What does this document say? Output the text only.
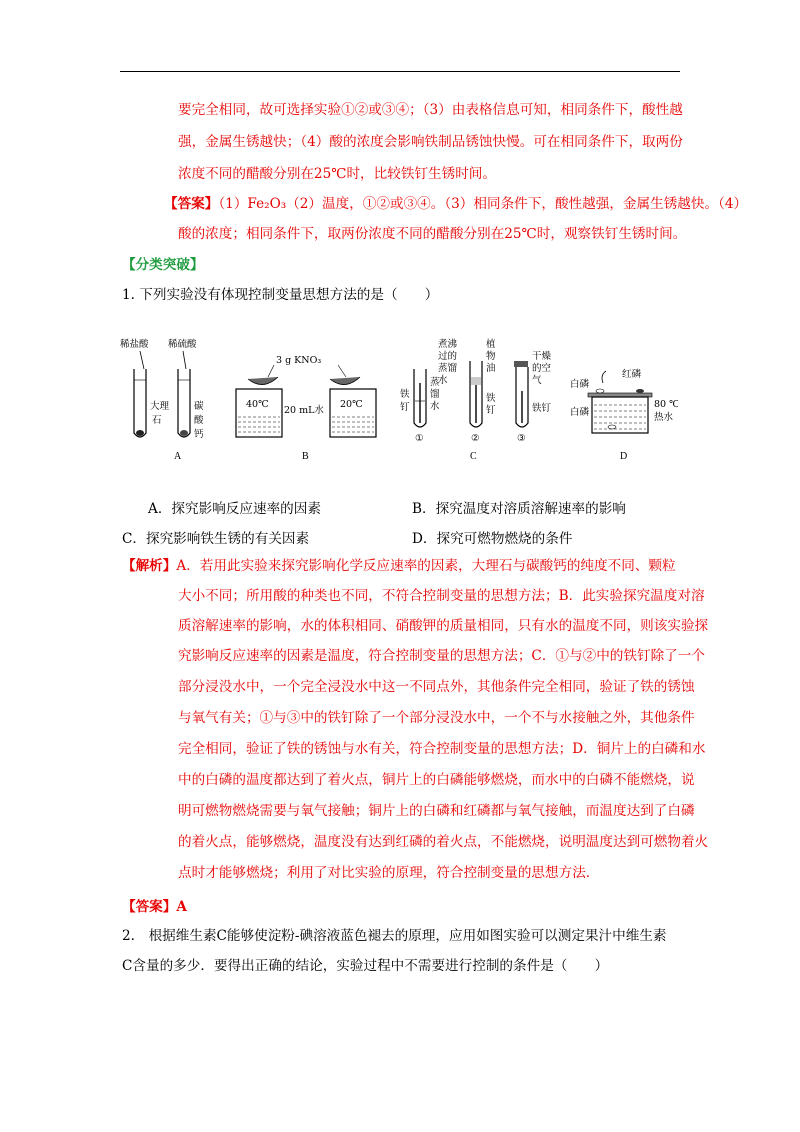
要完全相同，故可选择实验①②或③④；（3）由表格信息可知，相同条件下，酸性越
强，金属生锈越快；（4）酸的浓度会影响铁制品锈蚀快慢。可在相同条件下，取两份
浓度不同的醋酸分别在25℃时，比较铁钉生锈时间。
【答案】（1）Fe₂O₃（2）温度，①②或③④。（3）相同条件下，酸性越强，金属生锈越快。（4）
酸的浓度；相同条件下，取两份浓度不同的醋酸分别在25℃时，观察铁钉生锈时间。
【分类突破】
1. 下列实验没有体现控制变量思想方法的是（　　）
稀盐酸 稀硫酸
大理
石
碳
酸
钙
A
3 g KNO₃
40℃	20℃
20 mL水
B
铁
钉
蒸
馏
水
①
煮沸
过的
蒸馏
水
植
物
油
铁
钉
②
干燥
的空
气
铁钉
③
C
白磷
红磷
白磷
80 ℃
热水
D
A．探究影响反应速率的因素	B．探究温度对溶质溶解速率的影响
C．探究影响铁生锈的有关因素	D．探究可燃物燃烧的条件
【解析】A．若用此实验来探究影响化学反应速率的因素，大理石与碳酸钙的纯度不同、颗粒
大小不同；所用酸的种类也不同，不符合控制变量的思想方法；B．此实验探究温度对溶
质溶解速率的影响，水的体积相同、硝酸钾的质量相同，只有水的温度不同，则该实验探
究影响反应速率的因素是温度，符合控制变量的思想方法；C．①与②中的铁钉除了一个
部分浸没水中，一个完全浸没水中这一不同点外，其他条件完全相同，验证了铁的锈蚀
与氧气有关；①与③中的铁钉除了一个部分浸没水中，一个不与水接触之外，其他条件
完全相同，验证了铁的锈蚀与水有关，符合控制变量的思想方法；D．铜片上的白磷和水
中的白磷的温度都达到了着火点，铜片上的白磷能够燃烧，而水中的白磷不能燃烧，说
明可燃物燃烧需要与氧气接触；铜片上的白磷和红磷都与氧气接触，而温度达到了白磷
的着火点，能够燃烧，温度没有达到红磷的着火点，不能燃烧，说明温度达到可燃物着火
点时才能够燃烧；利用了对比实验的原理，符合控制变量的思想方法．
【答案】A
2.　根据维生素C能够使淀粉-碘溶液蓝色褪去的原理，应用如图实验可以测定果汁中维生素
C含量的多少．要得出正确的结论，实验过程中不需要进行控制的条件是（　　）
